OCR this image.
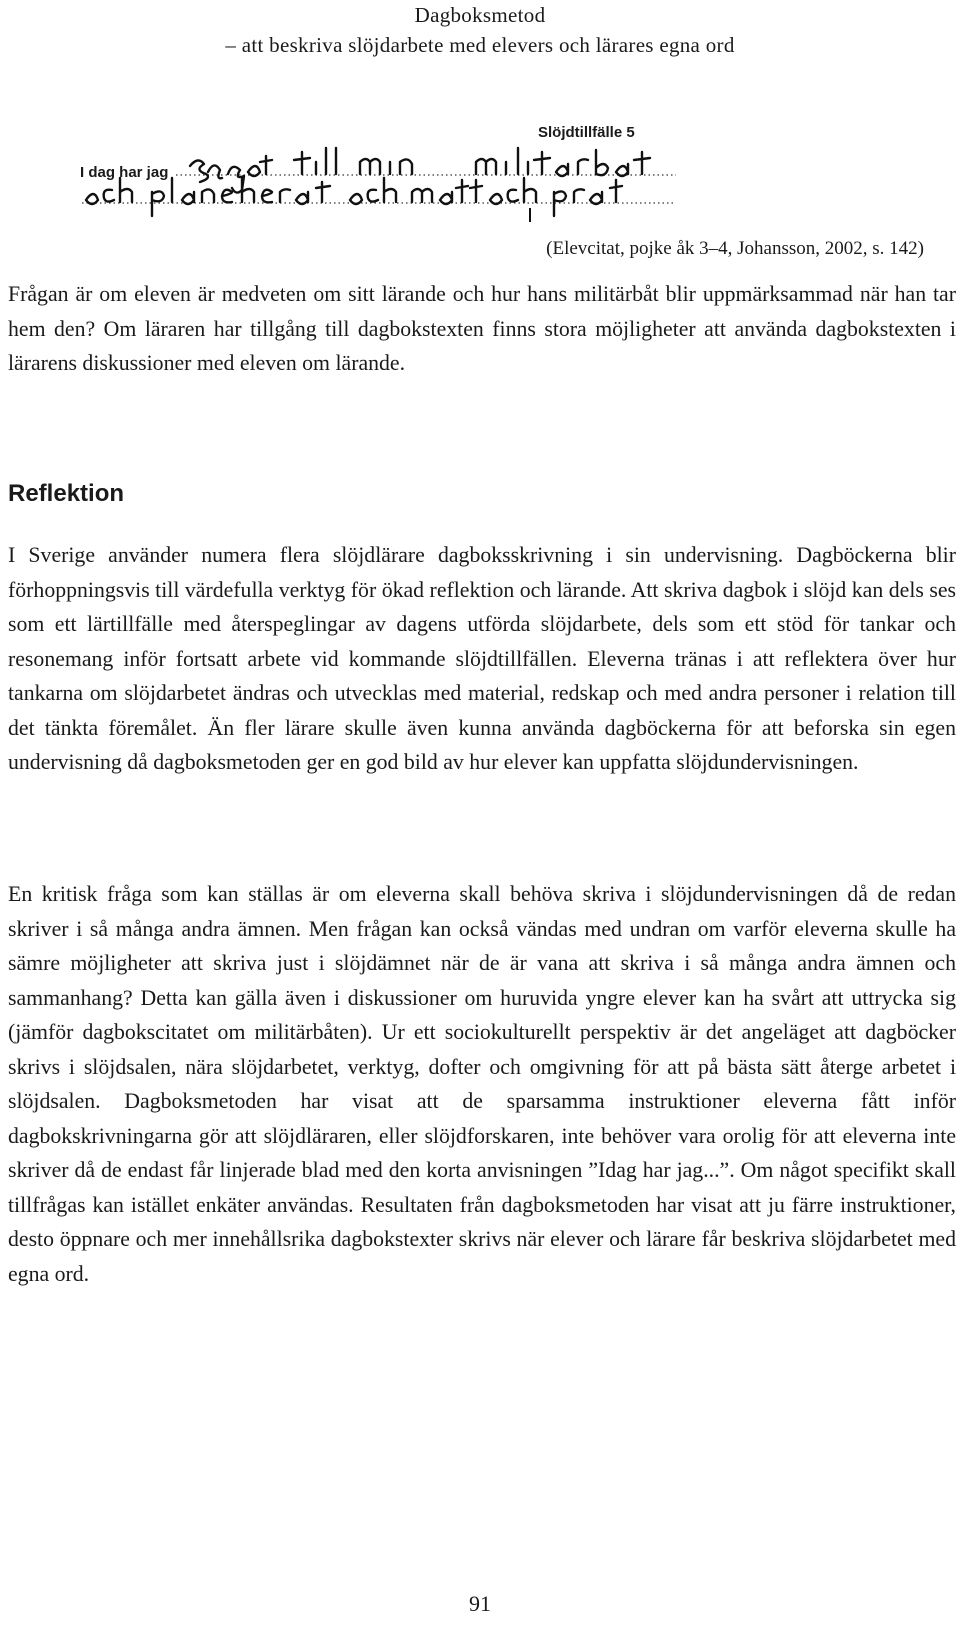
Dagboksmetod
– att beskriva slöjdarbete med elevers och lärares egna ord
Slöjdtillfälle 5
I dag har jag
(Elevcitat, pojke åk 3–4, Johansson, 2002, s. 142)

Frågan är om eleven är medveten om sitt lärande och hur hans militärbåt blir uppmärksammad när han tar hem den? Om läraren har tillgång till dagbokstexten finns stora möjligheter att använda dagbokstexten i lärarens diskussioner med eleven om lärande.

Reflektion

I Sverige använder numera flera slöjdlärare dagboksskrivning i sin undervisning. Dagböckerna blir förhoppningsvis till värdefulla verktyg för ökad reflektion och lärande. Att skriva dagbok i slöjd kan dels ses som ett lärtillfälle med återspeglingar av dagens utförda slöjdarbete, dels som ett stöd för tankar och resonemang inför fortsatt arbete vid kommande slöjdtillfällen. Eleverna tränas i att reflektera över hur tankarna om slöjdarbetet ändras och utvecklas med material, redskap och med andra personer i relation till det tänkta föremålet. Än fler lärare skulle även kunna använda dagböckerna för att beforska sin egen undervisning då dagboksmetoden ger en god bild av hur elever kan uppfatta slöjdundervisningen.

En kritisk fråga som kan ställas är om eleverna skall behöva skriva i slöjdundervisningen då de redan skriver i så många andra ämnen. Men frågan kan också vändas med undran om varför eleverna skulle ha sämre möjligheter att skriva just i slöjdämnet när de är vana att skriva i så många andra ämnen och sammanhang? Detta kan gälla även i diskussioner om huruvida yngre elever kan ha svårt att uttrycka sig (jämför dagbokscitatet om militärbåten). Ur ett sociokulturellt perspektiv är det angeläget att dagböcker skrivs i slöjdsalen, nära slöjdarbetet, verktyg, dofter och omgivning för att på bästa sätt återge arbetet i slöjdsalen. Dagboksmetoden har visat att de sparsamma instruktioner eleverna fått inför dagbokskrivningarna gör att slöjdläraren, eller slöjdforskaren, inte behöver vara orolig för att eleverna inte skriver då de endast får linjerade blad med den korta anvisningen ”Idag har jag...”. Om något specifikt skall tillfrågas kan istället enkäter användas. Resultaten från dagboksmetoden har visat att ju färre instruktioner, desto öppnare och mer innehållsrika dagbokstexter skrivs när elever och lärare får beskriva slöjdarbetet med egna ord.

91
